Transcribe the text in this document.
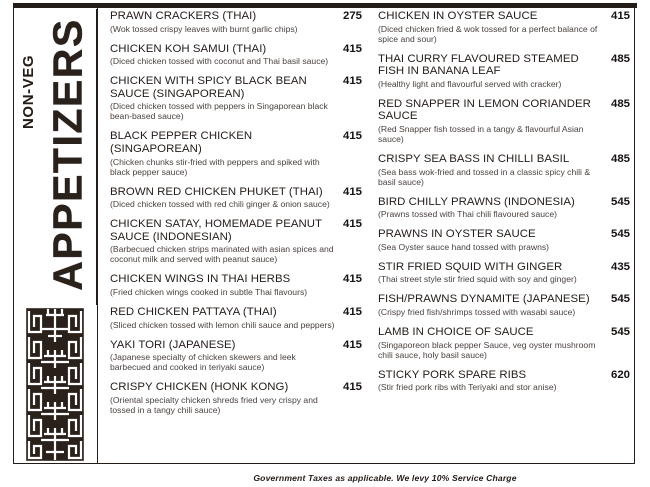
APPETIZERS
NON-VEG
PRAWN CRACKERS (THAI)	275
(Wok tossed crispy leaves with burnt garlic chips)
CHICKEN KOH SAMUI (THAI)	415
(Diced chicken tossed with coconut and Thai basil sauce)
CHICKEN WITH SPICY BLACK BEAN SAUCE (SINGAPOREAN)
415
(Diced chicken tossed with peppers in Singaporean black bean-based sauce)
BLACK PEPPER CHICKEN (SINGAPOREAN)
415
(Chicken chunks stir-fried with peppers and spiked with black pepper sauce)
BROWN RED CHICKEN PHUKET (THAI)	415
(Diced chicken tossed with red chili ginger & onion sauce)
CHICKEN SATAY, HOMEMADE PEANUT SAUCE (INDONESIAN)
415
(Barbecued chicken strips marinated with asian spices and coconut milk and served with peanut sauce)
CHICKEN WINGS IN THAI HERBS	415
(Fried chicken wings cooked in subtle Thai flavours)
RED CHICKEN PATTAYA (THAI)	415
(Sliced chicken tossed with lemon chili sauce and peppers)
YAKI TORI (JAPANESE)	415
(Japanese specialty of chicken skewers and leek barbecued and cooked in teriyaki sauce)
CRISPY CHICKEN (HONK KONG)	415
(Oriental specialty chicken shreds fried very crispy and tossed in a tangy chili sauce)
CHICKEN IN OYSTER SAUCE	415
(Diced chicken fried & wok tossed for a perfect balance of spice and sour)
THAI CURRY FLAVOURED STEAMED FISH IN BANANA LEAF
485
(Healthy light and flavourful served with cracker)
RED SNAPPER IN LEMON CORIANDER SAUCE
485
(Red Snapper fish tossed in a tangy & flavourful Asian sauce)
CRISPY SEA BASS IN CHILLI BASIL	485
(Sea bass wok-fried and tossed in a classic spicy chili & basil sauce)
BIRD CHILLY PRAWNS (INDONESIA)	545
(Prawns tossed with Thai chili flavoured sauce)
PRAWNS IN OYSTER SAUCE	545
(Sea Oyster sauce hand tossed with prawns)
STIR FRIED SQUID WITH GINGER	435
(Thai street style stir fried squid with soy and ginger)
FISH/PRAWNS DYNAMITE (JAPANESE)	545
(Crispy fried fish/shrimps tossed with wasabi sauce)
LAMB IN CHOICE OF SAUCE	545
(Singaporeon black pepper Sauce, veg oyster mushroom chili sauce, holy basil sauce)
STICKY PORK SPARE RIBS	620
(Stir fried pork ribs with Teriyaki and stor anise)
Government Taxes as applicable. We levy 10% Service Charge
